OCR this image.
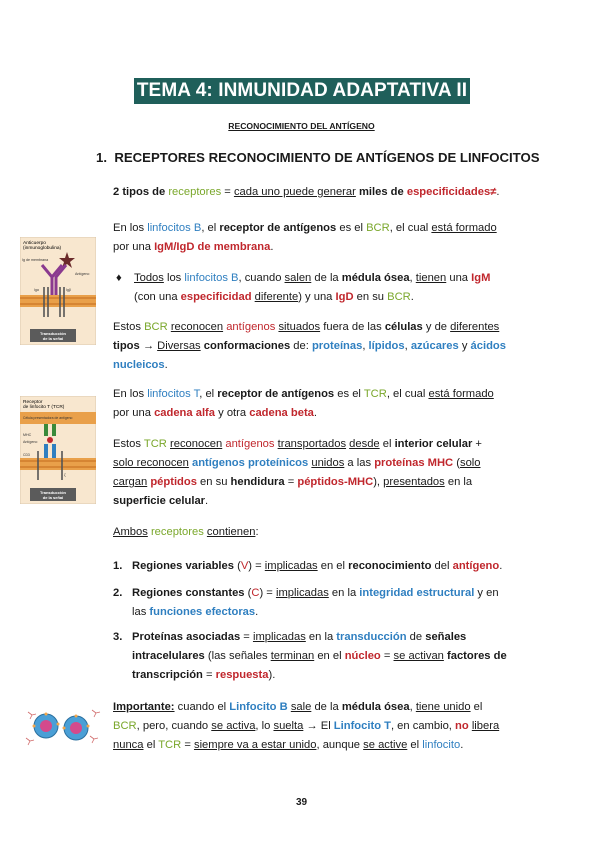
TEMA 4: INMUNIDAD ADAPTATIVA II
RECONOCIMIENTO DEL ANTÍGENO
1. RECEPTORES RECONOCIMIENTO DE ANTÍGENOS DE LINFOCITOS
2 tipos de receptores = cada uno puede generar miles de especificidades≠.
Anticuerpo
(inmunoglobulina)
Ig de membrana
Antígeno
Igα	Igβ
Transducción
de la señal
En los linfocitos B, el receptor de antígenos es el BCR, el cual está formado
por una IgM/IgD de membrana.
♦ Todos los linfocitos B, cuando salen de la médula ósea, tienen una IgM
(con una especificidad diferente) y una IgD en su BCR.
Estos BCR reconocen antígenos situados fuera de las células y de diferentes
tipos → Diversas conformaciones de: proteínas, lípidos, azúcares y ácidos
nucleicos.
Receptor
de linfocito T (TCR)
Célula presentadora de antígeno
MHC
Antígeno
CD3
ζ
Transducción
de la señal
En los linfocitos T, el receptor de antígenos es el TCR, el cual está formado
por una cadena alfa y otra cadena beta.
Estos TCR reconocen antígenos transportados desde el interior celular +
solo reconocen antígenos proteínicos unidos a las proteínas MHC (solo
cargan péptidos en su hendidura = péptidos-MHC), presentados en la
superficie celular.
Ambos receptores contienen:
1. Regiones variables (V) = implicadas en el reconocimiento del antígeno.
2. Regiones constantes (C) = implicadas en la integridad estructural y en
las funciones efectoras.
3. Proteínas asociadas = implicadas en la transducción de señales
intracelulares (las señales terminan en el núcleo = se activan factores de
transcripción = respuesta).
Importante: cuando el Linfocito B sale de la médula ósea, tiene unido el
BCR, pero, cuando se activa, lo suelta → El Linfocito T, en cambio, no libera
nunca el TCR = siempre va a estar unido, aunque se active el linfocito.
39
